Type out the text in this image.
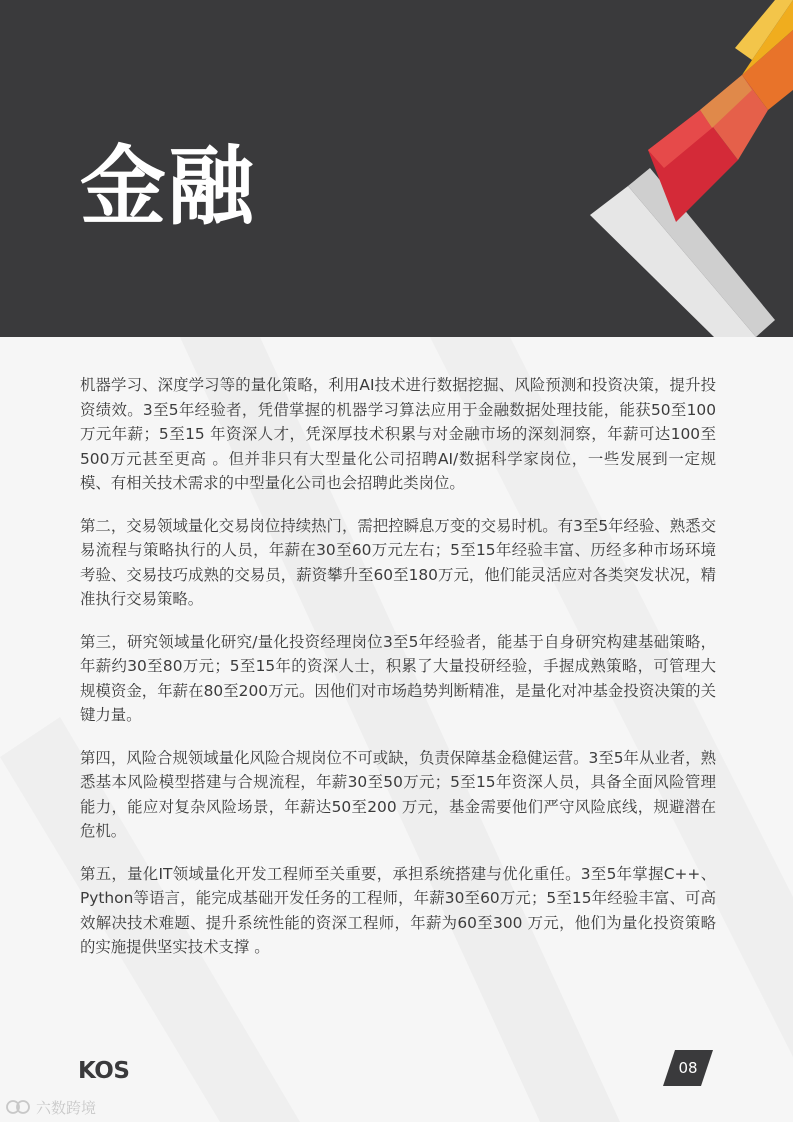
金融

机器学习、深度学习等的量化策略，利用AI技术进行数据挖掘、风险预测和投资决策，提升投资绩效。3至5年经验者，凭借掌握的机器学习算法应用于金融数据处理技能，能获50至100万元年薪；5至15 年资深人才，凭深厚技术积累与对金融市场的深刻洞察，年薪可达100至500万元甚至更高 。但并非只有大型量化公司招聘AI/数据科学家岗位，一些发展到一定规模、有相关技术需求的中型量化公司也会招聘此类岗位。

第二，交易领域量化交易岗位持续热门，需把控瞬息万变的交易时机。有3至5年经验、熟悉交易流程与策略执行的人员，年薪在30至60万元左右；5至15年经验丰富、历经多种市场环境考验、交易技巧成熟的交易员，薪资攀升至60至180万元，他们能灵活应对各类突发状况，精准执行交易策略。

第三，研究领域量化研究/量化投资经理岗位3至5年经验者，能基于自身研究构建基础策略，年薪约30至80万元；5至15年的资深人士，积累了大量投研经验，手握成熟策略，可管理大规模资金，年薪在80至200万元。因他们对市场趋势判断精准，是量化对冲基金投资决策的关键力量。

第四，风险合规领域量化风险合规岗位不可或缺，负责保障基金稳健运营。3至5年从业者，熟悉基本风险模型搭建与合规流程，年薪30至50万元；5至15年资深人员，具备全面风险管理能力，能应对复杂风险场景，年薪达50至200 万元，基金需要他们严守风险底线，规避潜在危机。

第五，量化IT领域量化开发工程师至关重要，承担系统搭建与优化重任。3至5年掌握C++、Python等语言，能完成基础开发任务的工程师，年薪30至60万元；5至15年经验丰富、可高效解决技术难题、提升系统性能的资深工程师，年薪为60至300 万元，他们为量化投资策略的实施提供坚实技术支撑 。

KOS	08
六数跨境
